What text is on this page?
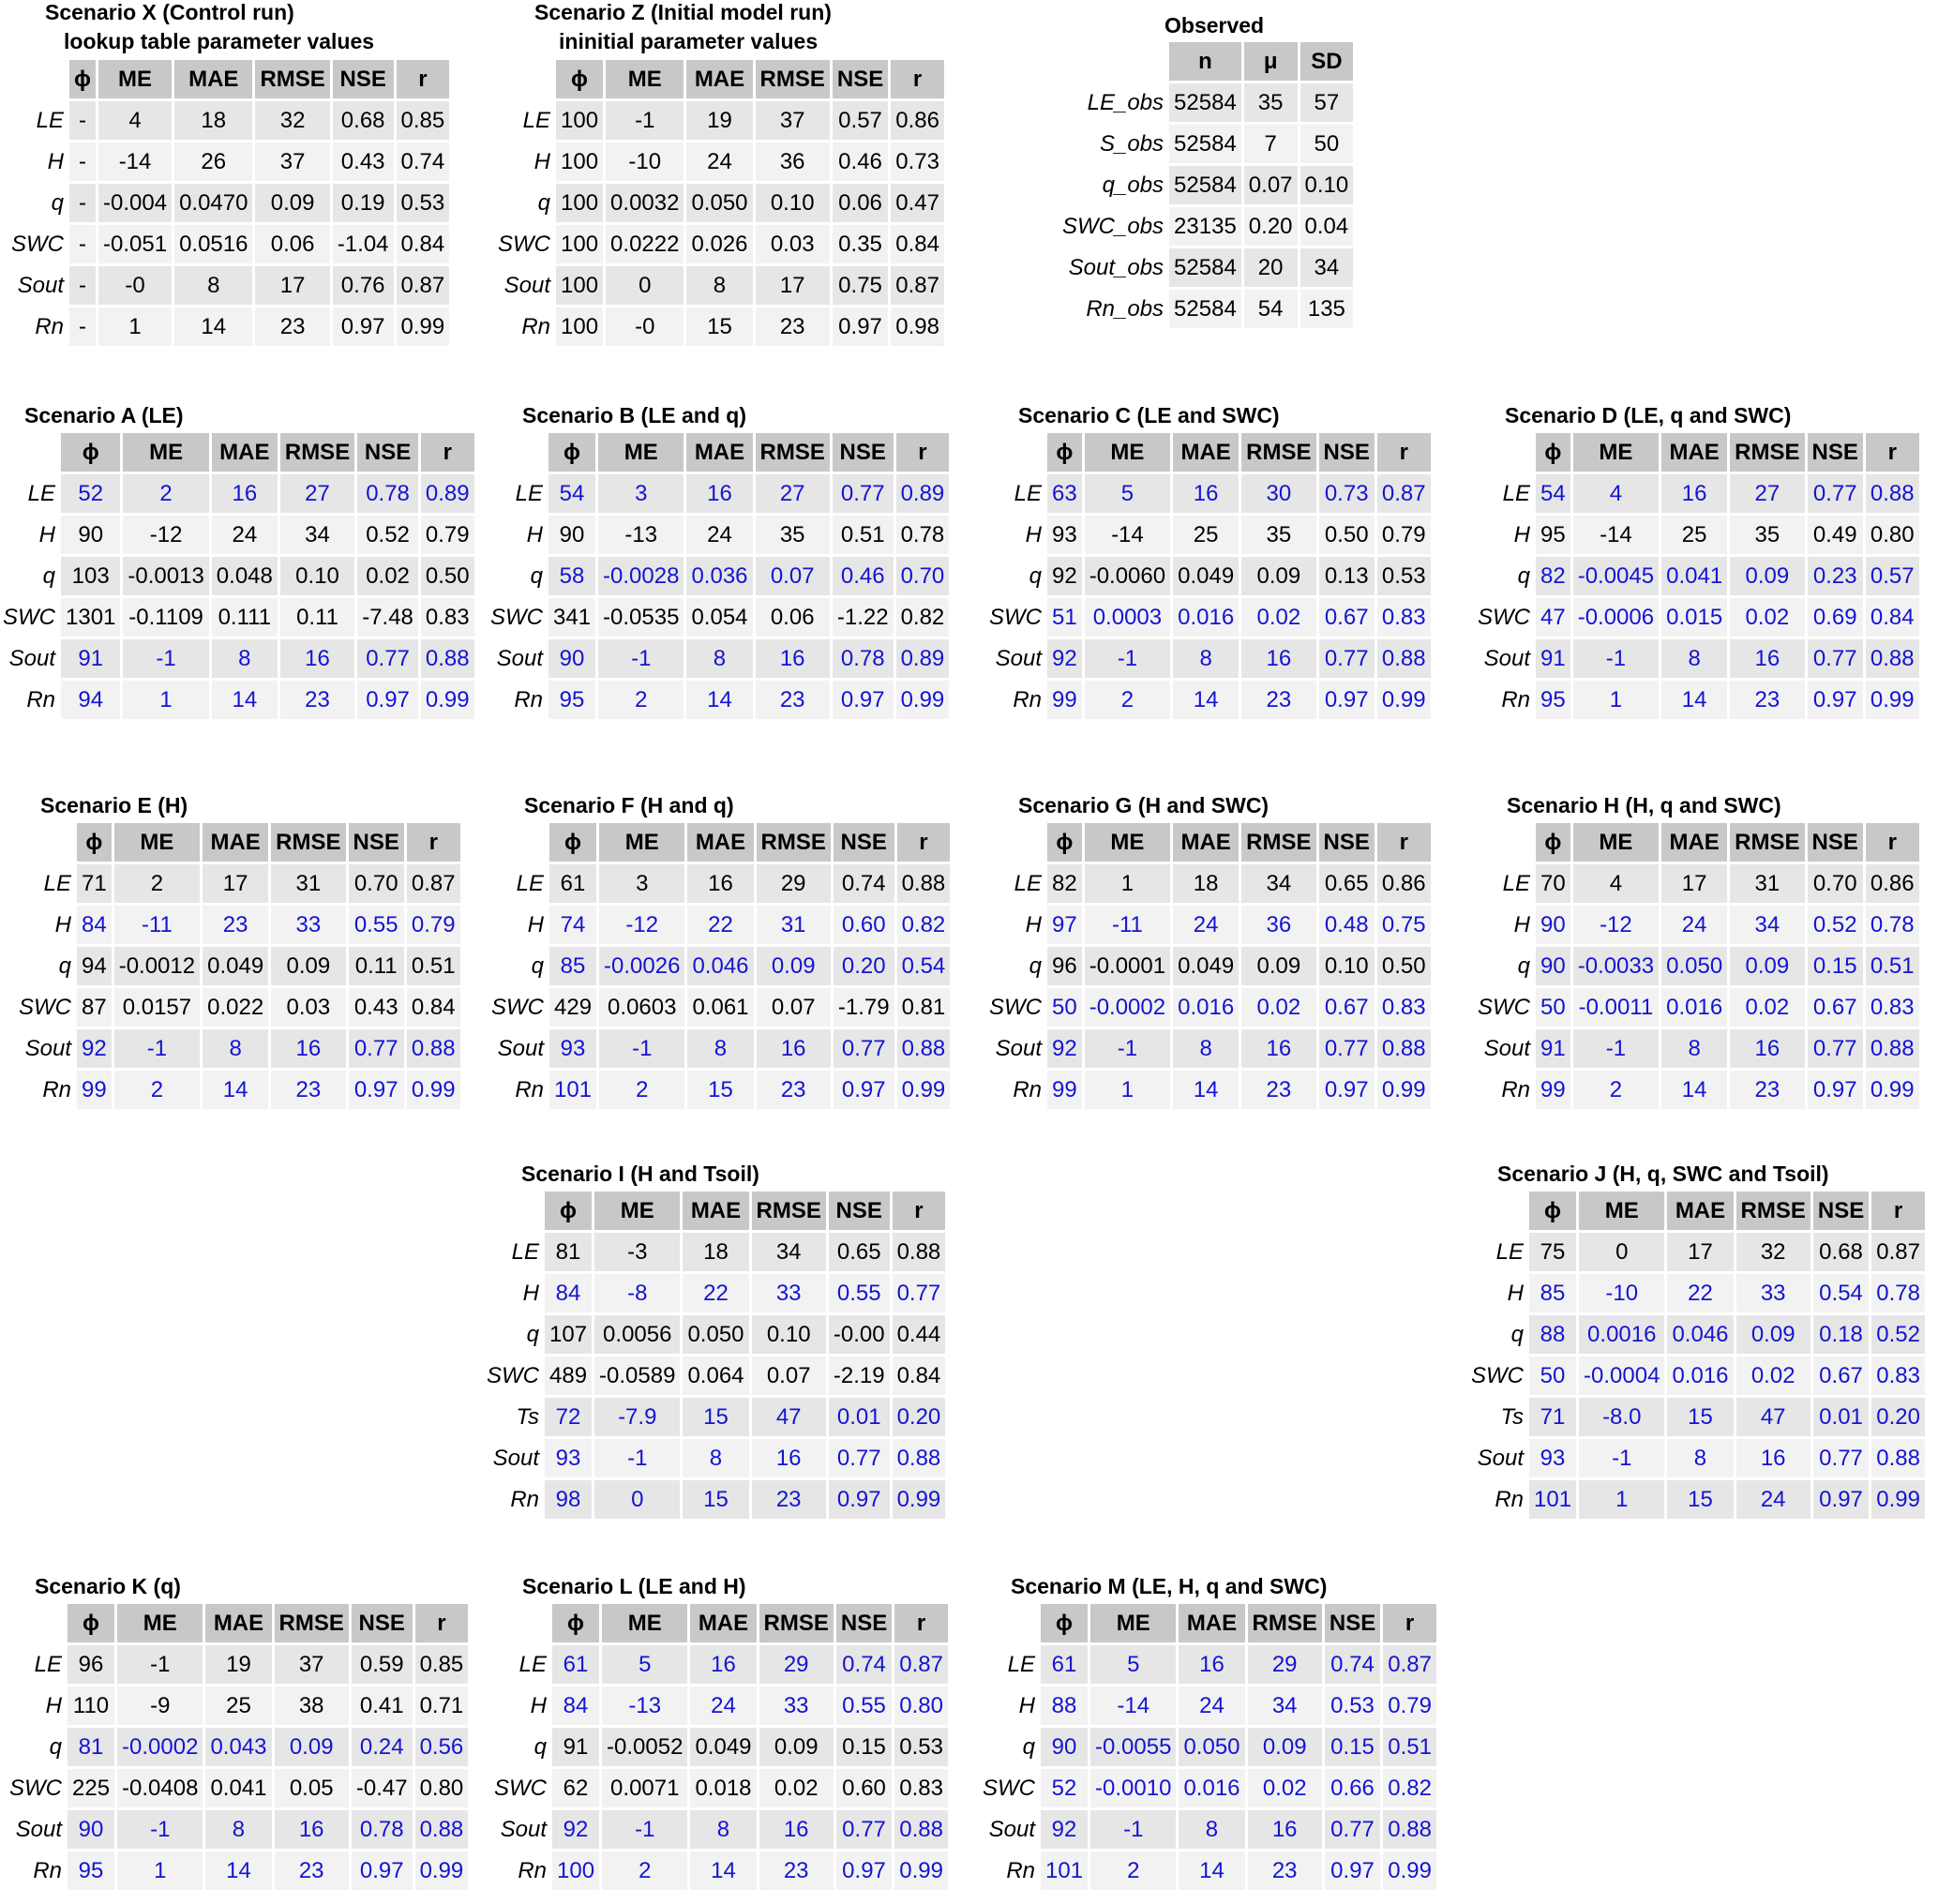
Scenario X (Control run)
lookup table parameter values
	ϕ	ME	MAE	RMSE	NSE	r
LE	-	4	18	32	0.68	0.85
H	-	-14	26	37	0.43	0.74
q	-	-0.004	0.0470	0.09	0.19	0.53
SWC	-	-0.051	0.0516	0.06	-1.04	0.84
Sout	-	-0	8	17	0.76	0.87
Rn	-	1	14	23	0.97	0.99
Scenario Z (Initial model run)
ininitial parameter values
	ϕ	ME	MAE	RMSE	NSE	r
LE	100	-1	19	37	0.57	0.86
H	100	-10	24	36	0.46	0.73
q	100	0.0032	0.050	0.10	0.06	0.47
SWC	100	0.0222	0.026	0.03	0.35	0.84
Sout	100	0	8	17	0.75	0.87
Rn	100	-0	15	23	0.97	0.98
Observed
	n	μ	SD
LE_obs	52584	35	57
S_obs	52584	7	50
q_obs	52584	0.07	0.10
SWC_obs	23135	0.20	0.04
Sout_obs	52584	20	34
Rn_obs	52584	54	135
Scenario A (LE)
	ϕ	ME	MAE	RMSE	NSE	r
LE	52	2	16	27	0.78	0.89
H	90	-12	24	34	0.52	0.79
q	103	-0.0013	0.048	0.10	0.02	0.50
SWC	1301	-0.1109	0.111	0.11	-7.48	0.83
Sout	91	-1	8	16	0.77	0.88
Rn	94	1	14	23	0.97	0.99
Scenario B (LE and q)
	ϕ	ME	MAE	RMSE	NSE	r
LE	54	3	16	27	0.77	0.89
H	90	-13	24	35	0.51	0.78
q	58	-0.0028	0.036	0.07	0.46	0.70
SWC	341	-0.0535	0.054	0.06	-1.22	0.82
Sout	90	-1	8	16	0.78	0.89
Rn	95	2	14	23	0.97	0.99
Scenario C (LE and SWC)
	ϕ	ME	MAE	RMSE	NSE	r
LE	63	5	16	30	0.73	0.87
H	93	-14	25	35	0.50	0.79
q	92	-0.0060	0.049	0.09	0.13	0.53
SWC	51	0.0003	0.016	0.02	0.67	0.83
Sout	92	-1	8	16	0.77	0.88
Rn	99	2	14	23	0.97	0.99
Scenario D (LE, q and SWC)
	ϕ	ME	MAE	RMSE	NSE	r
LE	54	4	16	27	0.77	0.88
H	95	-14	25	35	0.49	0.80
q	82	-0.0045	0.041	0.09	0.23	0.57
SWC	47	-0.0006	0.015	0.02	0.69	0.84
Sout	91	-1	8	16	0.77	0.88
Rn	95	1	14	23	0.97	0.99
Scenario E (H)
	ϕ	ME	MAE	RMSE	NSE	r
LE	71	2	17	31	0.70	0.87
H	84	-11	23	33	0.55	0.79
q	94	-0.0012	0.049	0.09	0.11	0.51
SWC	87	0.0157	0.022	0.03	0.43	0.84
Sout	92	-1	8	16	0.77	0.88
Rn	99	2	14	23	0.97	0.99
Scenario F (H and q)
	ϕ	ME	MAE	RMSE	NSE	r
LE	61	3	16	29	0.74	0.88
H	74	-12	22	31	0.60	0.82
q	85	-0.0026	0.046	0.09	0.20	0.54
SWC	429	0.0603	0.061	0.07	-1.79	0.81
Sout	93	-1	8	16	0.77	0.88
Rn	101	2	15	23	0.97	0.99
Scenario G (H and SWC)
	ϕ	ME	MAE	RMSE	NSE	r
LE	82	1	18	34	0.65	0.86
H	97	-11	24	36	0.48	0.75
q	96	-0.0001	0.049	0.09	0.10	0.50
SWC	50	-0.0002	0.016	0.02	0.67	0.83
Sout	92	-1	8	16	0.77	0.88
Rn	99	1	14	23	0.97	0.99
Scenario H (H, q and SWC)
	ϕ	ME	MAE	RMSE	NSE	r
LE	70	4	17	31	0.70	0.86
H	90	-12	24	34	0.52	0.78
q	90	-0.0033	0.050	0.09	0.15	0.51
SWC	50	-0.0011	0.016	0.02	0.67	0.83
Sout	91	-1	8	16	0.77	0.88
Rn	99	2	14	23	0.97	0.99
Scenario I (H and Tsoil)
	ϕ	ME	MAE	RMSE	NSE	r
LE	81	-3	18	34	0.65	0.88
H	84	-8	22	33	0.55	0.77
q	107	0.0056	0.050	0.10	-0.00	0.44
SWC	489	-0.0589	0.064	0.07	-2.19	0.84
Ts	72	-7.9	15	47	0.01	0.20
Sout	93	-1	8	16	0.77	0.88
Rn	98	0	15	23	0.97	0.99
Scenario J (H, q, SWC and Tsoil)
	ϕ	ME	MAE	RMSE	NSE	r
LE	75	0	17	32	0.68	0.87
H	85	-10	22	33	0.54	0.78
q	88	0.0016	0.046	0.09	0.18	0.52
SWC	50	-0.0004	0.016	0.02	0.67	0.83
Ts	71	-8.0	15	47	0.01	0.20
Sout	93	-1	8	16	0.77	0.88
Rn	101	1	15	24	0.97	0.99
Scenario K (q)
	ϕ	ME	MAE	RMSE	NSE	r
LE	96	-1	19	37	0.59	0.85
H	110	-9	25	38	0.41	0.71
q	81	-0.0002	0.043	0.09	0.24	0.56
SWC	225	-0.0408	0.041	0.05	-0.47	0.80
Sout	90	-1	8	16	0.78	0.88
Rn	95	1	14	23	0.97	0.99
Scenario L (LE and H)
	ϕ	ME	MAE	RMSE	NSE	r
LE	61	5	16	29	0.74	0.87
H	84	-13	24	33	0.55	0.80
q	91	-0.0052	0.049	0.09	0.15	0.53
SWC	62	0.0071	0.018	0.02	0.60	0.83
Sout	92	-1	8	16	0.77	0.88
Rn	100	2	14	23	0.97	0.99
Scenario M (LE, H, q and SWC)
	ϕ	ME	MAE	RMSE	NSE	r
LE	61	5	16	29	0.74	0.87
H	88	-14	24	34	0.53	0.79
q	90	-0.0055	0.050	0.09	0.15	0.51
SWC	52	-0.0010	0.016	0.02	0.66	0.82
Sout	92	-1	8	16	0.77	0.88
Rn	101	2	14	23	0.97	0.99
